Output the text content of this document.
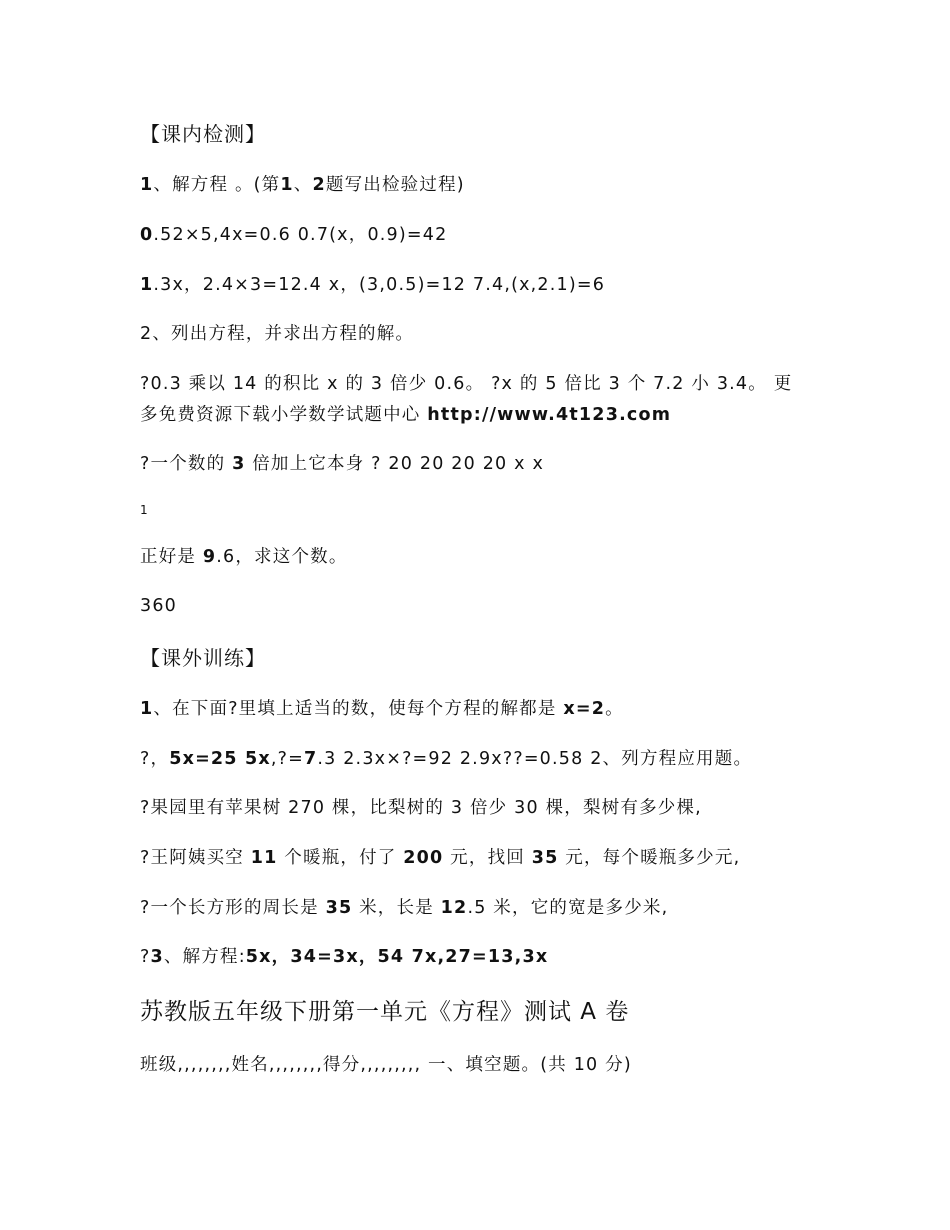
【课内检测】
1、解方程 。(第1、2题写出检验过程)
0.52×5,4x=0.6 0.7(x，0.9)=42
1.3x，2.4×3=12.4 x，(3,0.5)=12 7.4,(x,2.1)=6
2、列出方程，并求出方程的解。
?0.3 乘以 14 的积比 x 的 3 倍少 0.6。 ?x 的 5 倍比 3 个 7.2 小 3.4。 更
多免费资源下载小学数学试题中心 http://www.4t123.com
?一个数的 3 倍加上它本身 ? 20 20 20 20 x x
1
正好是 9.6，求这个数。
360
【课外训练】
1、在下面?里填上适当的数，使每个方程的解都是 x=2。
?，5x=25 5x,?=7.3 2.3x×?=92 2.9x??=0.58 2、列方程应用题。
?果园里有苹果树 270 棵，比梨树的 3 倍少 30 棵，梨树有多少棵,
?王阿姨买空 11 个暖瓶，付了 200 元，找回 35 元，每个暖瓶多少元,
?一个长方形的周长是 35 米，长是 12.5 米，它的宽是多少米,
?3、解方程:5x，34=3x，54 7x,27=13,3x
苏教版五年级下册第一单元《方程》测试 A 卷
班级,,,,,,,,姓名,,,,,,,,得分,,,,,,,,, 一、填空题。(共 10 分)
